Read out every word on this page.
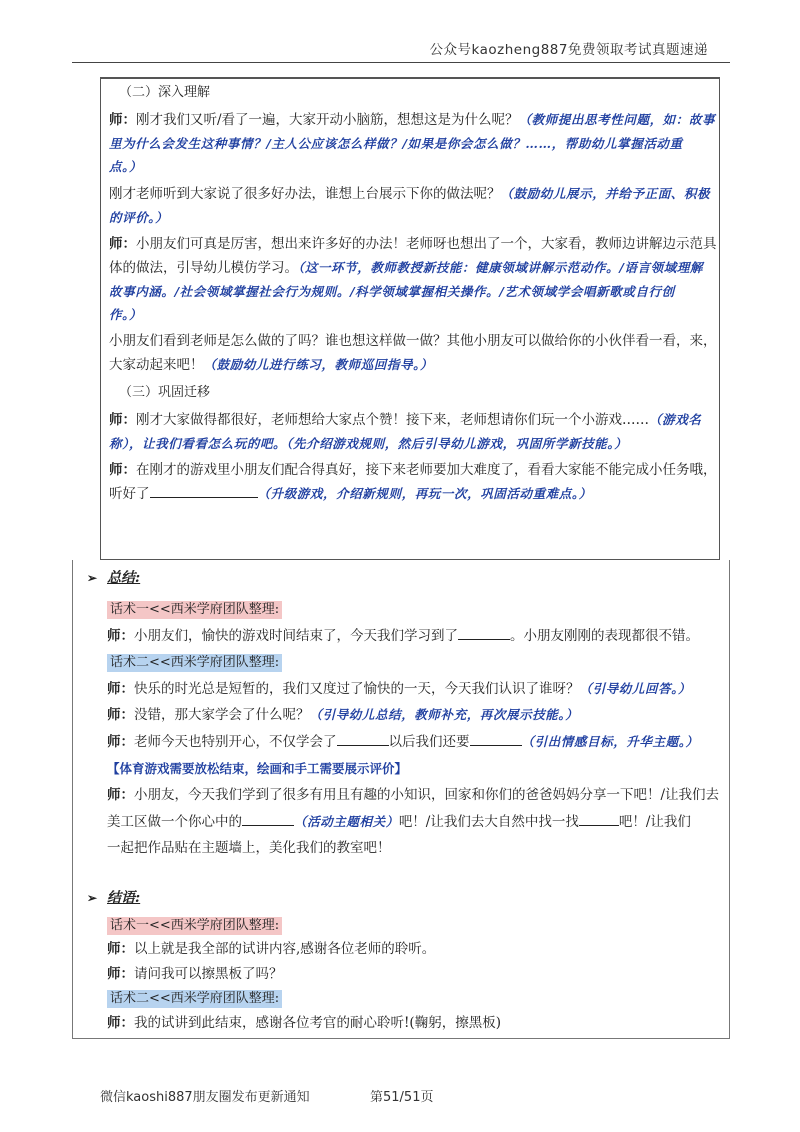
公众号kaozheng887免费领取考试真题速递
（二）深入理解
师：刚才我们又听/看了一遍，大家开动小脑筋，想想这是为什么呢？（教师提出思考性问题，如：故事
里为什么会发生这种事情？/主人公应该怎么样做？/如果是你会怎么做？……，帮助幼儿掌握活动重
点。）
刚才老师听到大家说了很多好办法，谁想上台展示下你的做法呢？（鼓励幼儿展示，并给予正面、积极
的评价。）
师：小朋友们可真是厉害，想出来许多好的办法！老师呀也想出了一个，大家看，教师边讲解边示范具
体的做法，引导幼儿模仿学习。（这一环节，教师教授新技能：健康领域讲解示范动作。/语言领域理解
故事内涵。/社会领域掌握社会行为规则。/科学领域掌握相关操作。/艺术领域学会唱新歌或自行创
作。）
小朋友们看到老师是怎么做的了吗？谁也想这样做一做？其他小朋友可以做给你的小伙伴看一看，来，
大家动起来吧！（鼓励幼儿进行练习，教师巡回指导。）
（三）巩固迁移
师：刚才大家做得都很好，老师想给大家点个赞！接下来，老师想请你们玩一个小游戏……（游戏名
称），让我们看看怎么玩的吧。（先介绍游戏规则，然后引导幼儿游戏，巩固所学新技能。）
师：在刚才的游戏里小朋友们配合得真好，接下来老师要加大难度了，看看大家能不能完成小任务哦，
听好了	（升级游戏，介绍新规则，再玩一次，巩固活动重难点。）
➢ 总结:
话术一<<西米学府团队整理:
师：小朋友们，愉快的游戏时间结束了，今天我们学习到了	。小朋友刚刚的表现都很不错。
话术二<<西米学府团队整理:
师：快乐的时光总是短暂的，我们又度过了愉快的一天，今天我们认识了谁呀？（引导幼儿回答。）
师：没错，那大家学会了什么呢？（引导幼儿总结，教师补充，再次展示技能。）
师：老师今天也特别开心，不仅学会了	以后我们还要	（引出情感目标，升华主题。）
【体育游戏需要放松结束，绘画和手工需要展示评价】
师：小朋友，今天我们学到了很多有用且有趣的小知识，回家和你们的爸爸妈妈分享一下吧！/让我们去
美工区做一个你心中的	（活动主题相关）吧！/让我们去大自然中找一找	吧！/让我们
一起把作品贴在主题墙上，美化我们的教室吧！
➢ 结语:
话术一<<西米学府团队整理:
师：以上就是我全部的试讲内容,感谢各位老师的聆听。
师：请问我可以擦黑板了吗？
话术二<<西米学府团队整理:
师：我的试讲到此结束，感谢各位考官的耐心聆听!(鞠躬，擦黑板)
微信kaoshi887朋友圈发布更新通知	第51/51页
